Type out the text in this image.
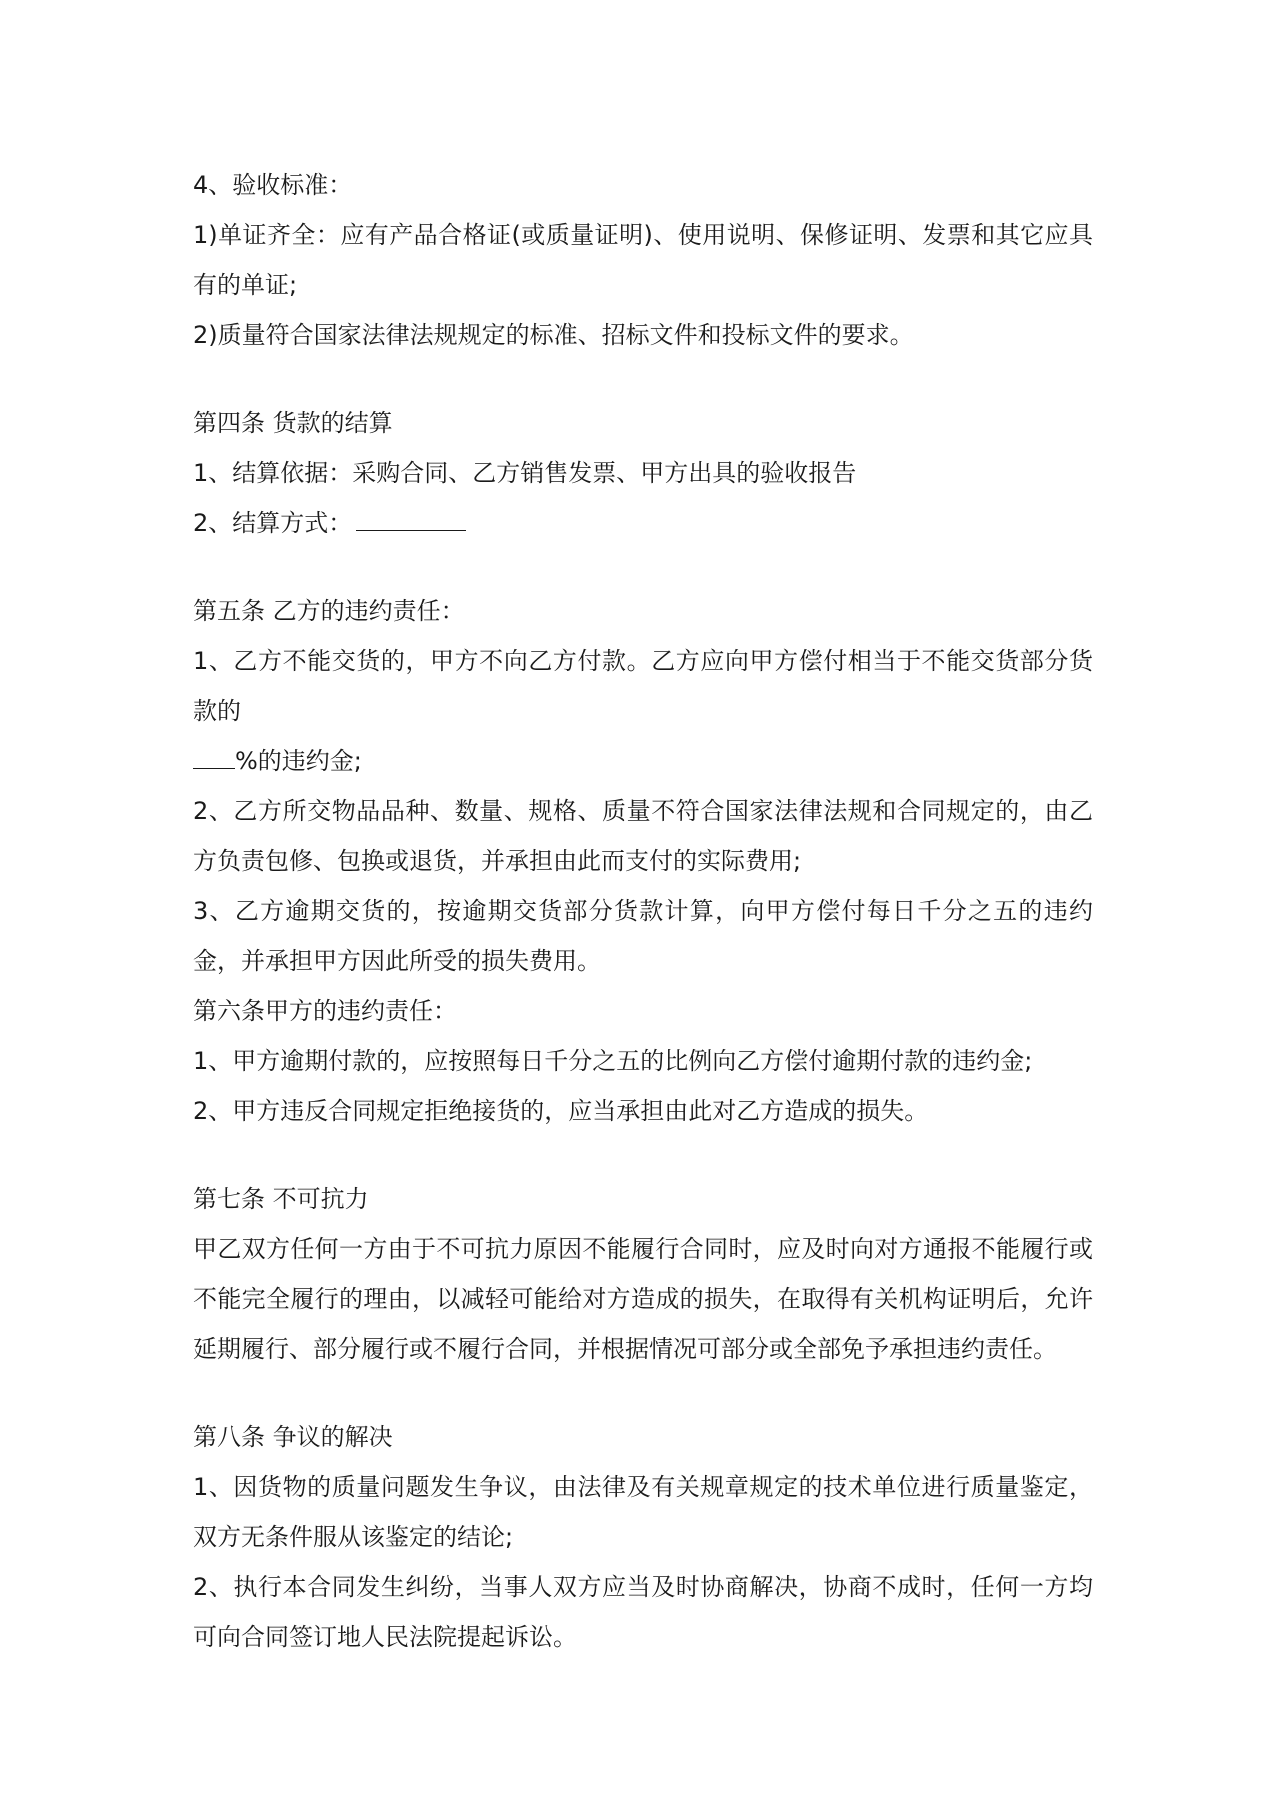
4、验收标准：

1)单证齐全：应有产品合格证(或质量证明)、使用说明、保修证明、发票和其它应具有的单证;

2)质量符合国家法律法规规定的标准、招标文件和投标文件的要求。

第四条 货款的结算

1、结算依据：采购合同、乙方销售发票、甲方出具的验收报告

2、结算方式：

第五条 乙方的违约责任：

1、乙方不能交货的，甲方不向乙方付款。乙方应向甲方偿付相当于不能交货部分货款的

%的违约金;

2、乙方所交物品品种、数量、规格、质量不符合国家法律法规和合同规定的，由乙方负责包修、包换或退货，并承担由此而支付的实际费用;

3、乙方逾期交货的，按逾期交货部分货款计算，向甲方偿付每日千分之五的违约金，并承担甲方因此所受的损失费用。

第六条甲方的违约责任：

1、甲方逾期付款的，应按照每日千分之五的比例向乙方偿付逾期付款的违约金;

2、甲方违反合同规定拒绝接货的，应当承担由此对乙方造成的损失。

第七条 不可抗力

甲乙双方任何一方由于不可抗力原因不能履行合同时，应及时向对方通报不能履行或不能完全履行的理由，以减轻可能给对方造成的损失，在取得有关机构证明后，允许延期履行、部分履行或不履行合同，并根据情况可部分或全部免予承担违约责任。

第八条 争议的解决

1、因货物的质量问题发生争议，由法律及有关规章规定的技术单位进行质量鉴定，双方无条件服从该鉴定的结论;

2、执行本合同发生纠纷，当事人双方应当及时协商解决，协商不成时，任何一方均可向合同签订地人民法院提起诉讼。
